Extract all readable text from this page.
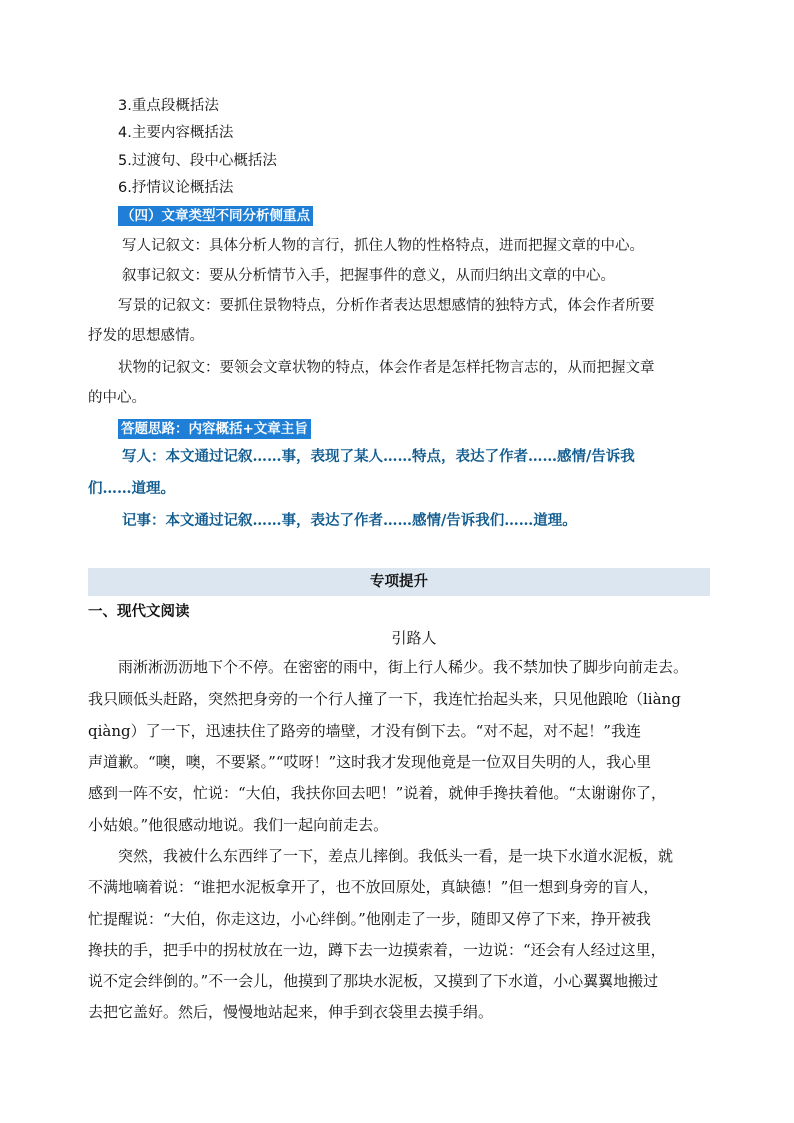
3.重点段概括法
4.主要内容概括法
5.过渡句、段中心概括法
6.抒情议论概括法
（四）文章类型不同分析侧重点
写人记叙文：具体分析人物的言行，抓住人物的性格特点，进而把握文章的中心。
叙事记叙文：要从分析情节入手，把握事件的意义，从而归纳出文章的中心。
写景的记叙文：要抓住景物特点，分析作者表达思想感情的独特方式，体会作者所要
抒发的思想感情。
状物的记叙文：要领会文章状物的特点，体会作者是怎样托物言志的，从而把握文章
的中心。
答题思路：内容概括+文章主旨
写人：本文通过记叙……事，表现了某人……特点，表达了作者……感情/告诉我
们……道理。
记事：本文通过记叙……事，表达了作者……感情/告诉我们……道理。
专项提升
一、现代文阅读
引路人
雨淅淅沥沥地下个不停。在密密的雨中，街上行人稀少。我不禁加快了脚步向前走去。
我只顾低头赶路，突然把身旁的一个行人撞了一下，我连忙抬起头来，只见他踉呛（liàng
qiàng）了一下，迅速扶住了路旁的墙壁，才没有倒下去。“对不起，对不起！”我连
声道歉。“噢，噢，不要紧。”“哎呀！”这时我才发现他竟是一位双目失明的人，我心里
感到一阵不安，忙说：“大伯，我扶你回去吧！”说着，就伸手搀扶着他。“太谢谢你了，
小姑娘。”他很感动地说。我们一起向前走去。
突然，我被什么东西绊了一下，差点儿摔倒。我低头一看，是一块下水道水泥板，就
不满地嘀着说：“谁把水泥板拿开了，也不放回原处，真缺德！”但一想到身旁的盲人，
忙提醒说：“大伯，你走这边，小心绊倒。”他刚走了一步，随即又停了下来，挣开被我
搀扶的手，把手中的拐杖放在一边，蹲下去一边摸索着，一边说：“还会有人经过这里，
说不定会绊倒的。”不一会儿，他摸到了那块水泥板，又摸到了下水道，小心翼翼地搬过
去把它盖好。然后，慢慢地站起来，伸手到衣袋里去摸手绢。
